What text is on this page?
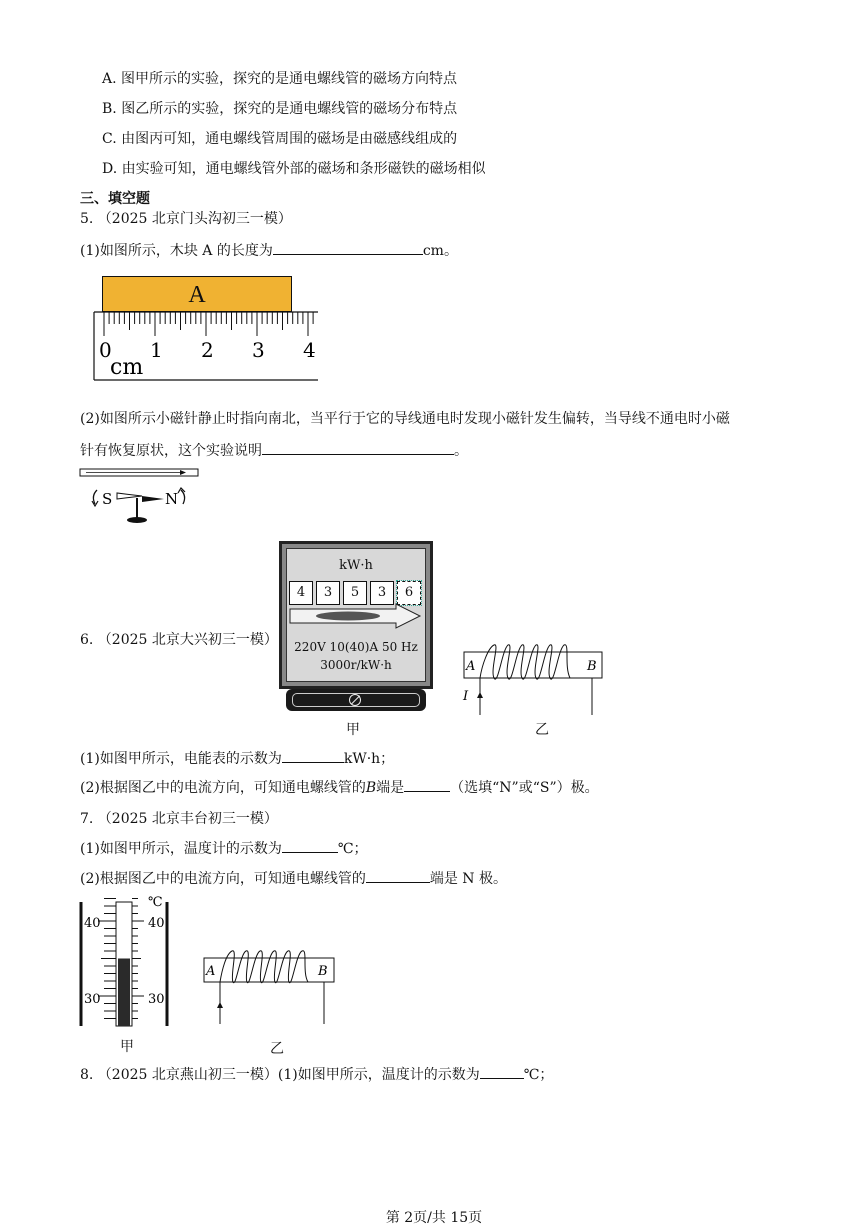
A. 图甲所示的实验，探究的是通电螺线管的磁场方向特点
B. 图乙所示的实验，探究的是通电螺线管的磁场分布特点
C. 由图丙可知，通电螺线管周围的磁场是由磁感线组成的
D. 由实验可知，通电螺线管外部的磁场和条形磁铁的磁场相似
三、填空题
5. （2025 北京门头沟初三一模）
(1)如图所示，木块 A 的长度为	cm。
A
0 1 2 3 4
cm
(2)如图所示小磁针静止时指向南北，当平行于它的导线通电时发现小磁针发生偏转，当导线不通电时小磁
针有恢复原状，这个实验说明	。
S	N
6. （2025 北京大兴初三一模）
kW·h
4	3	5	3	6
220V 10(40)A 50 Hz
3000r/kW·h
甲
A	B
I
乙
(1)如图甲所示，电能表的示数为	kW·h；
(2)根据图乙中的电流方向，可知通电螺线管的B端是	（选填“N”或“S”）极。
7. （2025 北京丰台初三一模）
(1)如图甲所示，温度计的示数为	℃；
(2)根据图乙中的电流方向，可知通电螺线管的	端是 N 极。
℃
40	40
30	30
甲
A	B
乙
8. （2025 北京燕山初三一模）(1)如图甲所示，温度计的示数为	℃；
第 2页/共 15页
